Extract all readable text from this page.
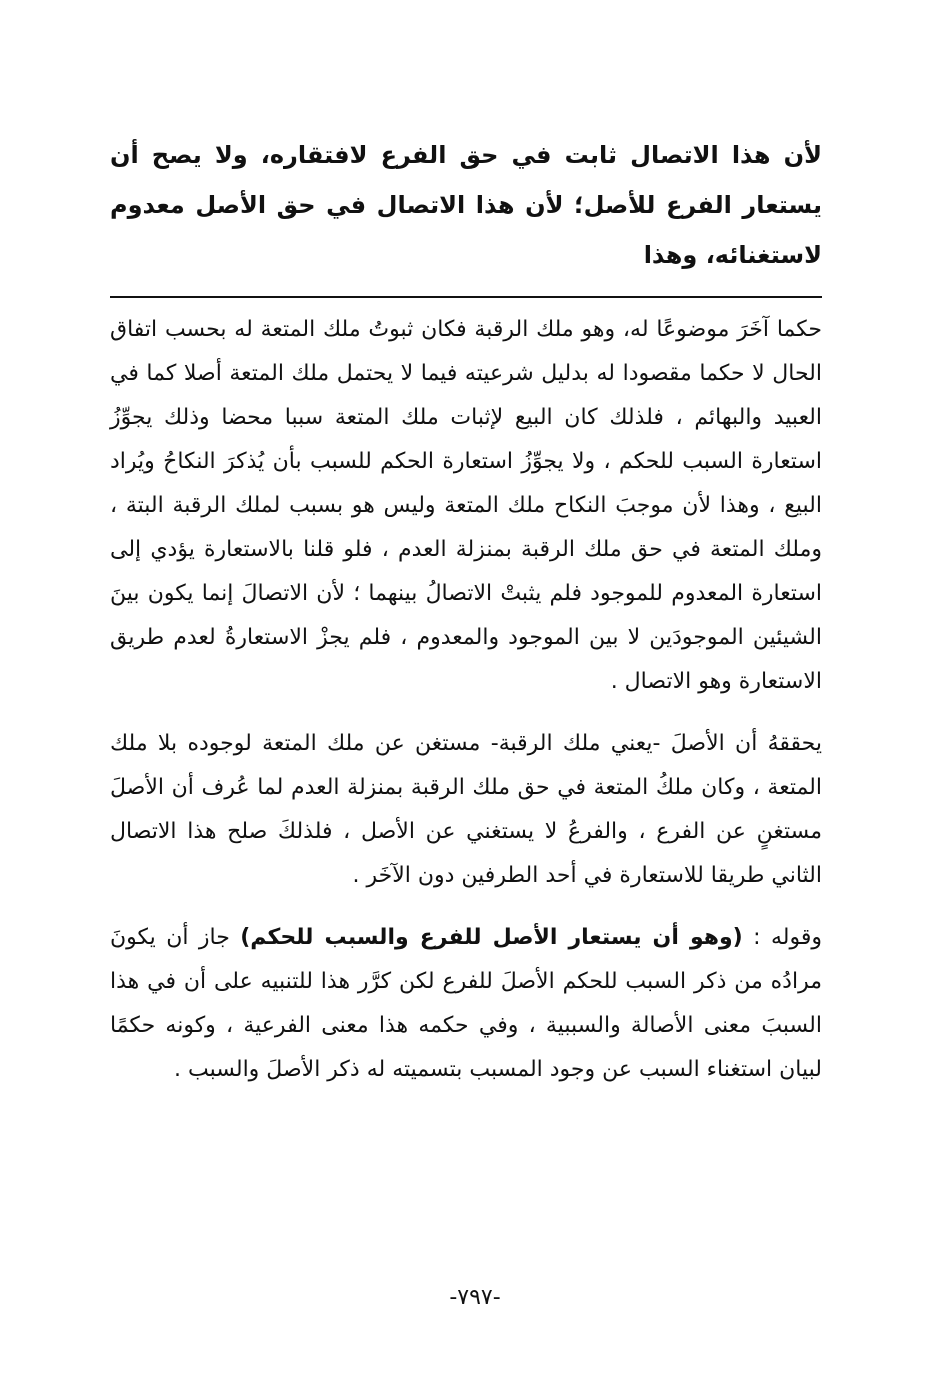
لأن هذا الاتصال ثابت في حق الفرع لافتقاره، ولا يصح أن يستعار الفرع للأصل؛ لأن هذا الاتصال في حق الأصل معدوم لاستغنائه، وهذا

حكما آخَرَ موضوعًا له، وهو ملك الرقبة فكان ثبوتُ ملك المتعة له بحسب اتفاق الحال لا حكما مقصودا له بدليل شرعيته فيما لا يحتمل ملك المتعة أصلا كما في العبيد والبهائم ، فلذلك كان البيع لإثبات ملك المتعة سببا محضا وذلك يجوِّزُ استعارة السبب للحكم ، ولا يجوِّزُ استعارة الحكم للسبب بأن يُذكرَ النكاحُ ويُراد البيع ، وهذا لأن موجبَ النكاح ملك المتعة وليس هو بسبب لملك الرقبة البتة ، وملك المتعة في حق ملك الرقبة بمنزلة العدم ، فلو قلنا بالاستعارة يؤدي إلى استعارة المعدوم للموجود فلم يثبتْ الاتصالُ بينهما ؛ لأن الاتصالَ إنما يكون بينَ الشيئين الموجودَين لا بين الموجود والمعدوم ، فلم يجزْ الاستعارةُ لعدم طريق الاستعارة وهو الاتصال .

يحققهُ أن الأصلَ -يعني ملك الرقبة- مستغن عن ملك المتعة لوجوده بلا ملك المتعة ، وكان ملكُ المتعة في حق ملك الرقبة بمنزلة العدم لما عُرف أن الأصلَ مستغنٍ عن الفرع ، والفرعُ لا يستغني عن الأصل ، فلذلكَ صلح هذا الاتصال الثاني طريقا للاستعارة في أحد الطرفين دون الآخَر .

وقوله : (وهو أن يستعار الأصل للفرع والسبب للحكم) جاز أن يكونَ مرادُه من ذكر السبب للحكم الأصلَ للفرع لكن كرَّر هذا للتنبيه على أن في هذا السببَ معنى الأصالة والسببية ، وفي حكمه هذا معنى الفرعية ، وكونه حكمًا لبيان استغناء السبب عن وجود المسبب بتسميته له ذكر الأصلَ والسبب .

-٧٩٧-
